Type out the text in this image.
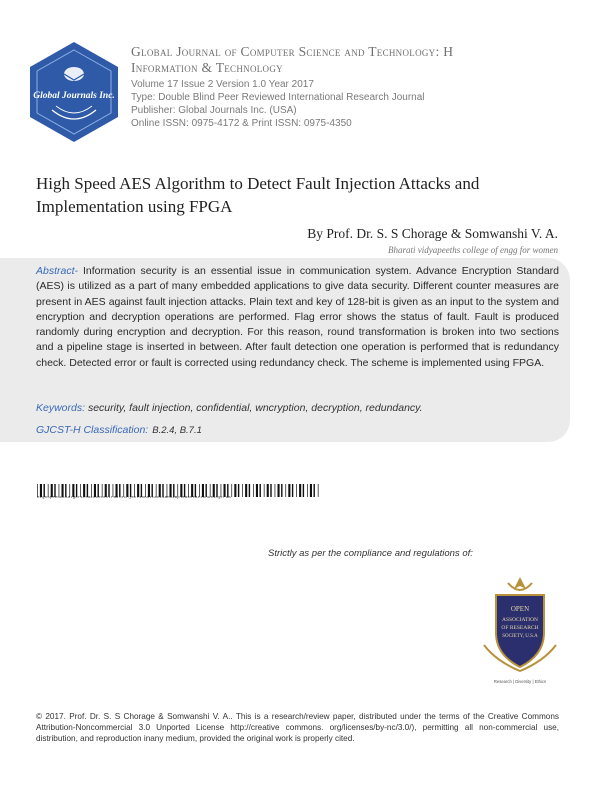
Global Journals Inc.
Global Journal of Computer Science and Technology: H
Information & Technology
Volume 17 Issue 2 Version 1.0 Year 2017
Type: Double Blind Peer Reviewed International Research Journal
Publisher: Global Journals Inc. (USA)
Online ISSN: 0975-4172 & Print ISSN: 0975-4350
High Speed AES Algorithm to Detect Fault Injection Attacks and Implementation using FPGA
By Prof. Dr. S. S Chorage & Somwanshi V. A.
Bharati vidyapeeths college of engg for women
Abstract- Information security is an essential issue in communication system. Advance Encryption Standard (AES) is utilized as a part of many embedded applications to give data security. Different counter measures are present in AES against fault injection attacks. Plain text and key of 128-bit is given as an input to the system and encryption and decryption operations are performed. Flag error shows the status of fault. Fault is produced randomly during encryption and decryption. For this reason, round transformation is broken into two sections and a pipeline stage is inserted in between. After fault detection one operation is performed that is redundancy check. Detected error or fault is corrected using redundancy check. The scheme is implemented using FPGA.
Keywords: security, fault injection, confidential, wncryption, decryption, redundancy.
GJCST-H Classification: B.2.4, B.7.1
HighSpeedAESAlgorithmtoDetectFaultInjectionAttacksandImplementationusingFPGA
Strictly as per the compliance and regulations of:
OPEN
ASSOCIATION
OF RESEARCH
SOCIETY, U.S.A
Research | Diversity | Ethics
© 2017. Prof. Dr. S. S Chorage & Somwanshi V. A.. This is a research/review paper, distributed under the terms of the Creative Commons Attribution-Noncommercial 3.0 Unported License http://creative commons. org/licenses/by-nc/3.0/), permitting all non-commercial use, distribution, and reproduction inany medium, provided the original work is properly cited.
